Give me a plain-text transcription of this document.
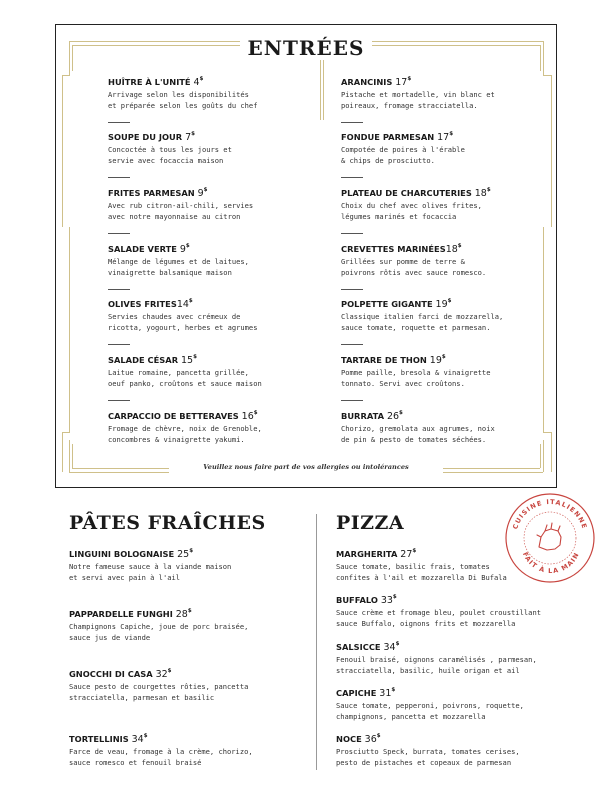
ENTRÉES
HUÎTRE À L'UNITÉ 4$
Arrivage selon les disponibilités
et préparée selon les goûts du chef
SOUPE DU JOUR 7$
Concoctée à tous les jours et
servie avec focaccia maison
FRITES PARMESAN 9$
Avec rub citron-ail-chili, servies
avec notre mayonnaise au citron
SALADE VERTE 9$
Mélange de légumes et de laitues,
vinaigrette balsamique maison
OLIVES FRITES14$
Servies chaudes avec crémeux de
ricotta, yogourt, herbes et agrumes
SALADE CÉSAR 15$
Laitue romaine, pancetta grillée,
oeuf panko, croûtons et sauce maison
CARPACCIO DE BETTERAVES 16$
Fromage de chèvre, noix de Grenoble,
concombres & vinaigrette yakumi.
ARANCINIS 17$
Pistache et mortadelle, vin blanc et
poireaux, fromage stracciatella.
FONDUE PARMESAN 17$
Compotée de poires à l'érable
& chips de prosciutto.
PLATEAU DE CHARCUTERIES 18$
Choix du chef avec olives frites,
légumes marinés et focaccia
CREVETTES MARINÉES18$
Grillées sur pomme de terre &
poivrons rôtis avec sauce romesco.
POLPETTE GIGANTE 19$
Classique italien farci de mozzarella,
sauce tomate, roquette et parmesan.
TARTARE DE THON 19$
Pomme paille, bresola & vinaigrette
tonnato. Servi avec croûtons.
BURRATA 26$
Chorizo, gremolata aux agrumes, noix
de pin & pesto de tomates séchées.
Veuillez nous faire part de vos allergies ou intolérances
PÂTES FRAÎCHES
LINGUINI BOLOGNAISE 25$
Notre fameuse sauce à la viande maison
et servi avec pain à l'ail
PAPPARDELLE FUNGHI 28$
Champignons Capiche, joue de porc braisée,
sauce jus de viande
GNOCCHI DI CASA 32$
Sauce pesto de courgettes rôties, pancetta
stracciatella, parmesan et basilic
TORTELLINIS 34$
Farce de veau, fromage à la crème, chorizo,
sauce romesco et fenouil braisé
PIZZA
MARGHERITA 27$
Sauce tomate, basilic frais, tomates
confites à l'ail et mozzarella Di Bufala
BUFFALO 33$
Sauce crème et fromage bleu, poulet croustillant
sauce Buffalo, oignons frits et mozzarella
SALSICCE 34$
Fenouil braisé, oignons caramélisés , parmesan,
stracciatella, basilic, huile origan et ail
CAPICHE 31$
Sauce tomate, pepperoni, poivrons, roquette,
champignons, pancetta et mozzarella
NOCE 36$
Prosciutto Speck, burrata, tomates cerises,
pesto de pistaches et copeaux de parmesan
CUISINE ITALIENNE
FAIT À LA MAIN
